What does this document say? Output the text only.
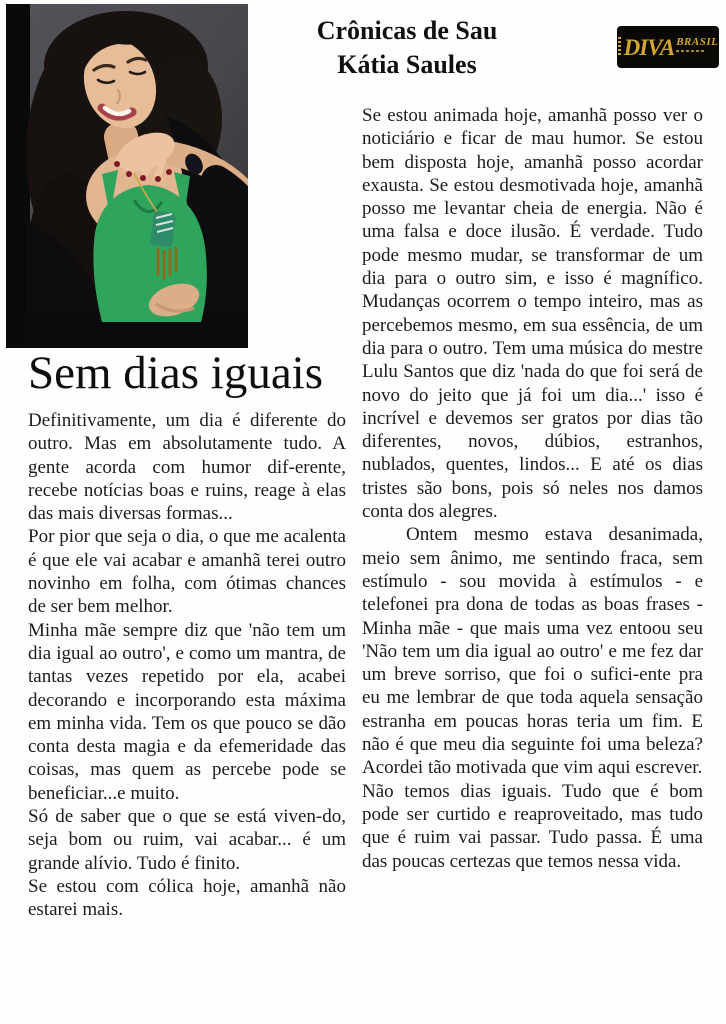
Crônicas de Sau
Kátia Saules
DIVA BRASIL
Sem dias iguais

Definitivamente, um dia é diferente do outro. Mas em absolutamente tudo. A gente acorda com humor dif-erente, recebe notícias boas e ruins, reage à elas das mais diversas formas...

Por pior que seja o dia, o que me acalenta é que ele vai acabar e amanhã terei outro novinho em folha, com ótimas chances de ser bem melhor.

Minha mãe sempre diz que 'não tem um dia igual ao outro', e como um mantra, de tantas vezes repetido por ela, acabei decorando e incorporando esta máxima em minha vida. Tem os que pouco se dão conta desta magia e da efemeridade das coisas, mas quem as percebe pode se beneficiar...e muito.

Só de saber que o que se está viven-do, seja bom ou ruim, vai acabar... é um grande alívio. Tudo é finito.

Se estou com cólica hoje, amanhã não estarei mais.

Se estou animada hoje, amanhã posso ver o noticiário e ficar de mau humor. Se estou bem disposta hoje, amanhã posso acordar exausta. Se estou desmotivada hoje, amanhã posso me levantar cheia de energia. Não é uma falsa e doce ilusão. É verdade. Tudo pode mesmo mudar, se transformar de um dia para o outro sim, e isso é magnífico. Mudanças ocorrem o tempo inteiro, mas as percebemos mesmo, em sua essência, de um dia para o outro. Tem uma música do mestre Lulu Santos que diz 'nada do que foi será de novo do jeito que já foi um dia...' isso é incrível e devemos ser gratos por dias tão diferentes, novos, dúbios, estranhos, nublados, quentes, lindos... E até os dias tristes são bons, pois só neles nos damos conta dos alegres.

Ontem mesmo estava desanimada, meio sem ânimo, me sentindo fraca, sem estímulo - sou movida à estímulos - e telefonei pra dona de todas as boas frases - Minha mãe - que mais uma vez entoou seu 'Não tem um dia igual ao outro' e me fez dar um breve sorriso, que foi o sufici-ente pra eu me lembrar de que toda aquela sensação estranha em poucas horas teria um fim. E não é que meu dia seguinte foi uma beleza? Acordei tão motivada que vim aqui escrever.

Não temos dias iguais. Tudo que é bom pode ser curtido e reaproveitado, mas tudo que é ruim vai passar. Tudo passa. É uma das poucas certezas que temos nessa vida.
